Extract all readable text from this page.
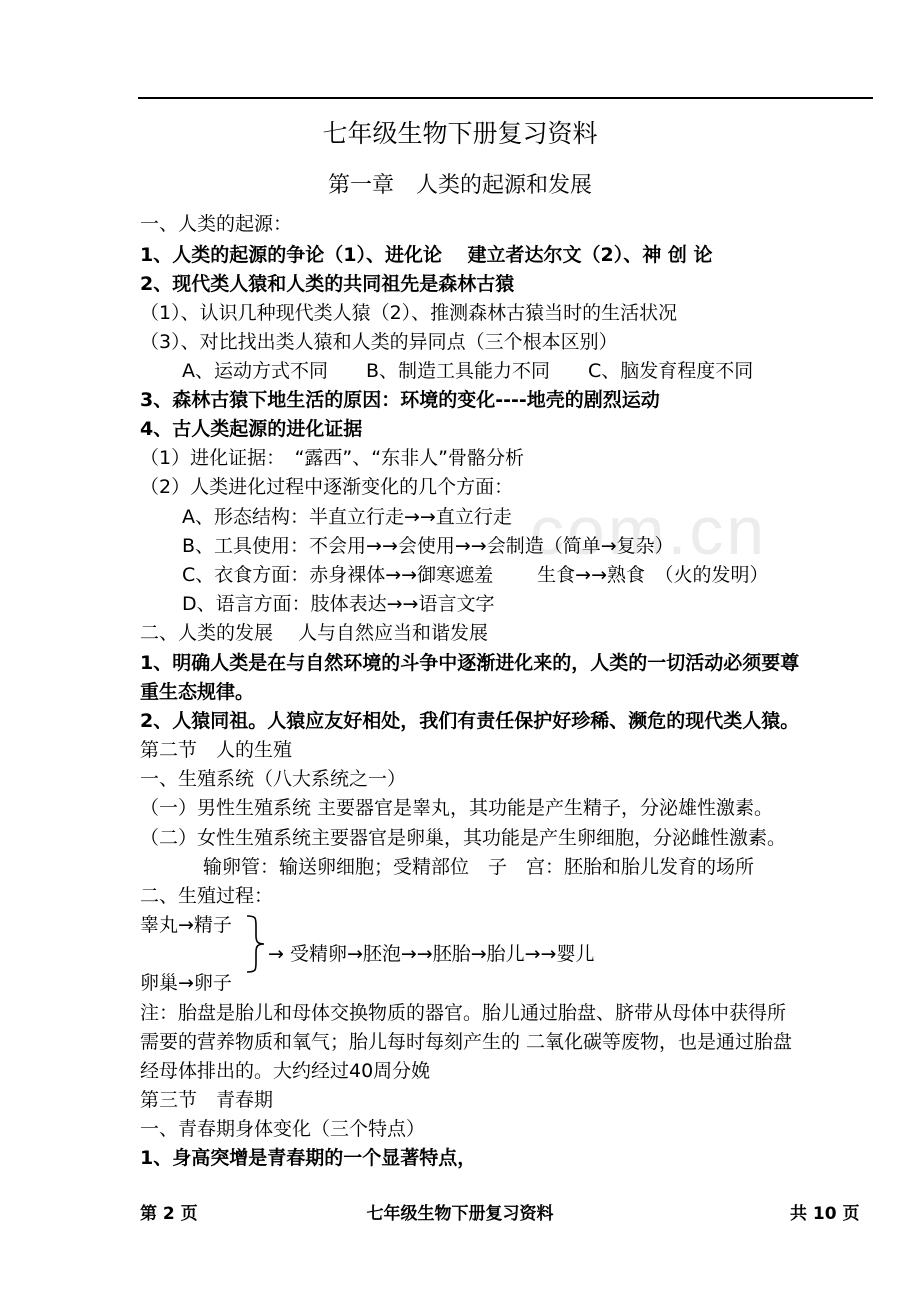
com.cn
七年级生物下册复习资料
第一章　人类的起源和发展
一、人类的起源：
1、人类的起源的争论（1）、进化论　 建立者达尔文（2）、神 创 论
2、现代类人猿和人类的共同祖先是森林古猿
（1）、认识几种现代类人猿（2）、推测森林古猿当时的生活状况
（3）、对比找出类人猿和人类的异同点（三个根本区别）
A、运动方式不同　　B、制造工具能力不同　　C、脑发育程度不同
3、森林古猿下地生活的原因：环境的变化----地壳的剧烈运动
4、古人类起源的进化证据
（1）进化证据：　“露西”、“东非人”骨骼分析
（2）人类进化过程中逐渐变化的几个方面：
A、形态结构：半直立行走→→直立行走
B、工具使用：不会用→→会使用→→会制造（简单→复杂）
C、衣食方面：赤身裸体→→御寒遮羞　　 生食→→熟食　（火的发明）
D、语言方面：肢体表达→→语言文字
二、人类的发展　 人与自然应当和谐发展
1、明确人类是在与自然环境的斗争中逐渐进化来的，人类的一切活动必须要尊
重生态规律。
2、人猿同祖。人猿应友好相处，我们有责任保护好珍稀、濒危的现代类人猿。
第二节　人的生殖
一、生殖系统（八大系统之一）
（一）男性生殖系统 主要器官是睾丸，其功能是产生精子，分泌雄性激素。
（二）女性生殖系统主要器官是卵巢，其功能是产生卵细胞，分泌雌性激素。
输卵管：输送卵细胞；受精部位　子　宫：胚胎和胎儿发育的场所
二、生殖过程：
睾丸→精子
→ 受精卵→胚泡→→胚胎→胎儿→→婴儿
卵巢→卵子
注：胎盘是胎儿和母体交换物质的器官。胎儿通过胎盘、脐带从母体中获得所
需要的营养物质和氧气；胎儿每时每刻产生的 二氧化碳等废物，也是通过胎盘
经母体排出的。大约经过40周分娩
第三节　青春期
一、青春期身体变化（三个特点）
1、身高突增是青春期的一个显著特点，
第 2 页	七年级生物下册复习资料	共 10 页
